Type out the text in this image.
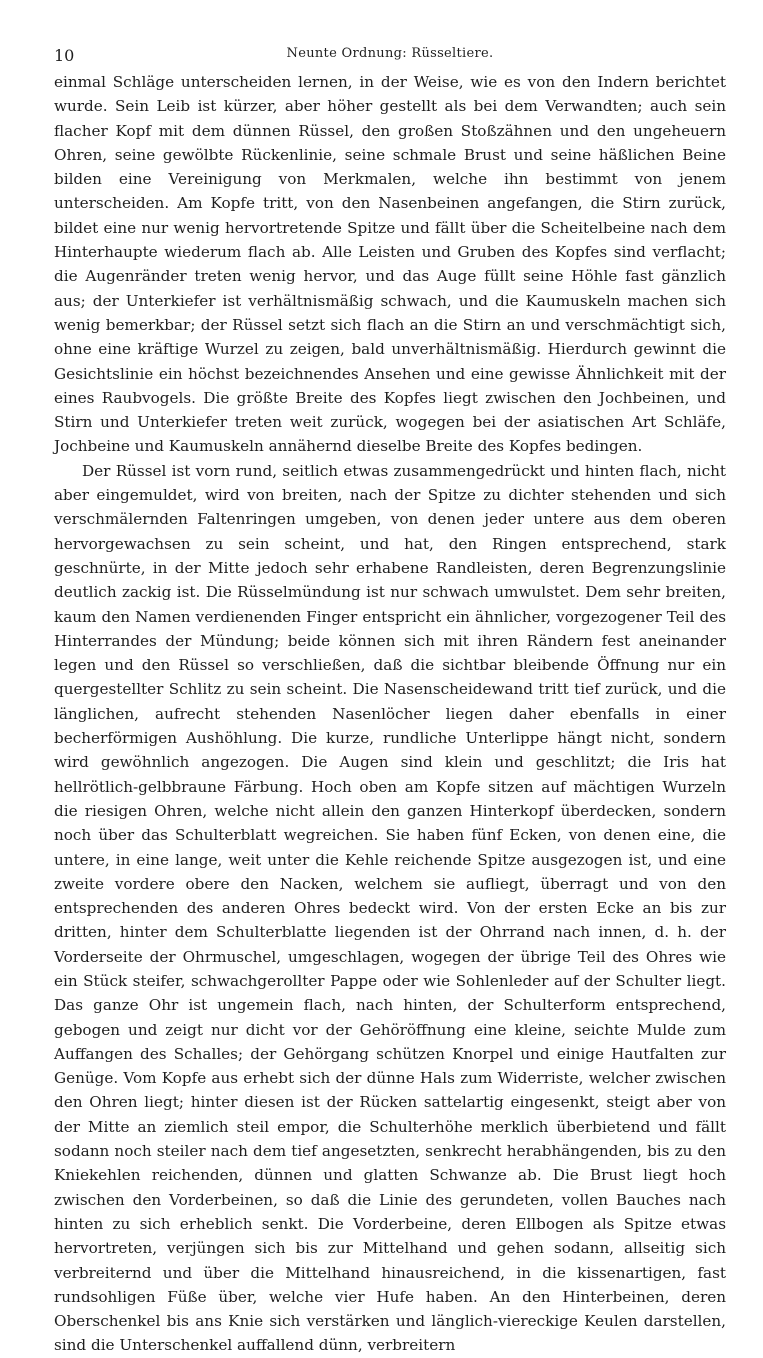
10	Neunte Ordnung: Rüsseltiere.

einmal Schläge unterscheiden lernen, in der Weise, wie es von den Indern berichtet wurde. Sein Leib ist kürzer, aber höher gestellt als bei dem Verwandten; auch sein flacher Kopf mit dem dünnen Rüssel, den großen Stoßzähnen und den ungeheuern Ohren, seine gewölbte Rückenlinie, seine schmale Brust und seine häßlichen Beine bilden eine Vereinigung von Merkmalen, welche ihn bestimmt von jenem unterscheiden. Am Kopfe tritt, von den Nasenbeinen angefangen, die Stirn zurück, bildet eine nur wenig hervortretende Spitze und fällt über die Scheitelbeine nach dem Hinterhaupte wiederum flach ab. Alle Leisten und Gruben des Kopfes sind verflacht; die Augenränder treten wenig hervor, und das Auge füllt seine Höhle fast gänzlich aus; der Unterkiefer ist verhältnismäßig schwach, und die Kaumuskeln machen sich wenig bemerkbar; der Rüssel setzt sich flach an die Stirn an und verschmächtigt sich, ohne eine kräftige Wurzel zu zeigen, bald unverhältnismäßig. Hierdurch gewinnt die Gesichtslinie ein höchst bezeichnendes Ansehen und eine gewisse Ähnlichkeit mit der eines Raubvogels. Die größte Breite des Kopfes liegt zwischen den Jochbeinen, und Stirn und Unterkiefer treten weit zurück, wogegen bei der asiatischen Art Schläfe, Jochbeine und Kaumuskeln annähernd dieselbe Breite des Kopfes bedingen.

Der Rüssel ist vorn rund, seitlich etwas zusammengedrückt und hinten flach, nicht aber eingemuldet, wird von breiten, nach der Spitze zu dichter stehenden und sich verschmälernden Faltenringen umgeben, von denen jeder untere aus dem oberen hervorgewachsen zu sein scheint, und hat, den Ringen entsprechend, stark geschnürte, in der Mitte jedoch sehr erhabene Randleisten, deren Begrenzungslinie deutlich zackig ist. Die Rüsselmündung ist nur schwach umwulstet. Dem sehr breiten, kaum den Namen verdienenden Finger entspricht ein ähnlicher, vorgezogener Teil des Hinterrandes der Mündung; beide können sich mit ihren Rändern fest aneinander legen und den Rüssel so verschließen, daß die sichtbar bleibende Öffnung nur ein quergestellter Schlitz zu sein scheint. Die Nasenscheidewand tritt tief zurück, und die länglichen, aufrecht stehenden Nasenlöcher liegen daher ebenfalls in einer becherförmigen Aushöhlung. Die kurze, rundliche Unterlippe hängt nicht, sondern wird gewöhnlich angezogen. Die Augen sind klein und geschlitzt; die Iris hat hellrötlich-gelbbraune Färbung. Hoch oben am Kopfe sitzen auf mächtigen Wurzeln die riesigen Ohren, welche nicht allein den ganzen Hinterkopf überdecken, sondern noch über das Schulterblatt wegreichen. Sie haben fünf Ecken, von denen eine, die untere, in eine lange, weit unter die Kehle reichende Spitze ausgezogen ist, und eine zweite vordere obere den Nacken, welchem sie aufliegt, überragt und von den entsprechenden des anderen Ohres bedeckt wird. Von der ersten Ecke an bis zur dritten, hinter dem Schulterblatte liegenden ist der Ohrrand nach innen, d. h. der Vorderseite der Ohrmuschel, umgeschlagen, wogegen der übrige Teil des Ohres wie ein Stück steifer, schwachgerollter Pappe oder wie Sohlenleder auf der Schulter liegt. Das ganze Ohr ist ungemein flach, nach hinten, der Schulterform entsprechend, gebogen und zeigt nur dicht vor der Gehöröffnung eine kleine, seichte Mulde zum Auffangen des Schalles; der Gehörgang schützen Knorpel und einige Hautfalten zur Genüge. Vom Kopfe aus erhebt sich der dünne Hals zum Widerriste, welcher zwischen den Ohren liegt; hinter diesen ist der Rücken sattelartig eingesenkt, steigt aber von der Mitte an ziemlich steil empor, die Schulterhöhe merklich überbietend und fällt sodann noch steiler nach dem tief angesetzten, senkrecht herabhängenden, bis zu den Kniekehlen reichenden, dünnen und glatten Schwanze ab. Die Brust liegt hoch zwischen den Vorderbeinen, so daß die Linie des gerundeten, vollen Bauches nach hinten zu sich erheblich senkt. Die Vorderbeine, deren Ellbogen als Spitze etwas hervortreten, verjüngen sich bis zur Mittelhand und gehen sodann, allseitig sich verbreiternd und über die Mittelhand hinausreichend, in die kissenartigen, fast rundsohligen Füße über, welche vier Hufe haben. An den Hinterbeinen, deren Oberschenkel bis ans Knie sich verstärken und länglich-viereckige Keulen darstellen, sind die Unterschenkel auffallend dünn, verbreitern
